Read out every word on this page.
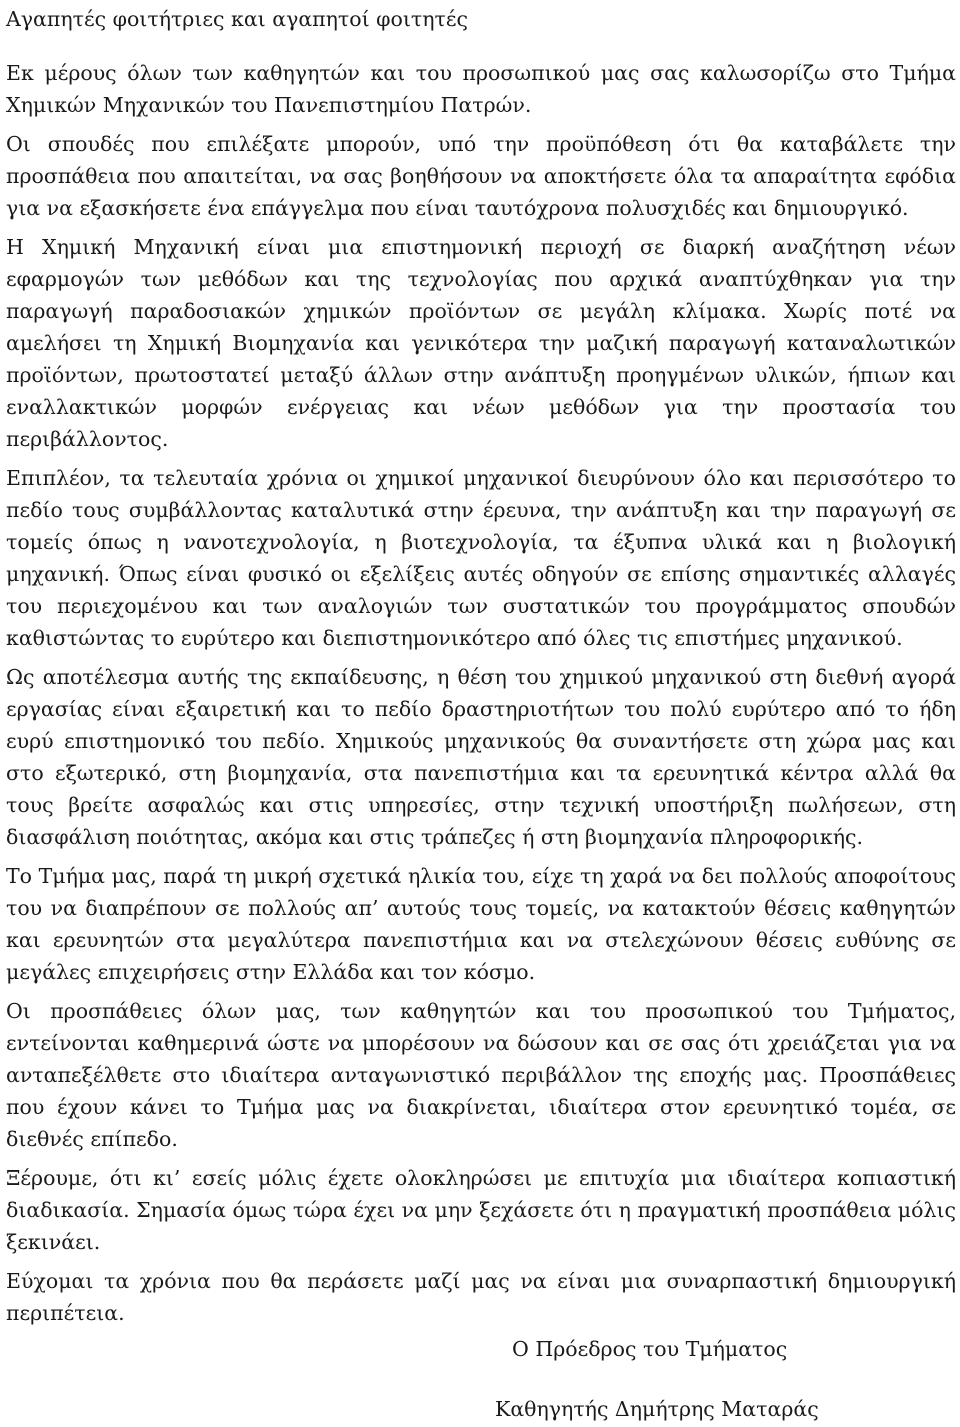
Αγαπητές φοιτήτριες και αγαπητοί φοιτητές

Εκ μέρους όλων των καθηγητών και του προσωπικού μας σας καλωσορίζω στο Τμήμα Χημικών Μηχανικών του Πανεπιστημίου Πατρών.

Οι σπουδές που επιλέξατε μπορούν, υπό την προϋπόθεση ότι θα καταβάλετε την προσπάθεια που απαιτείται, να σας βοηθήσουν να αποκτήσετε όλα τα απαραίτητα εφόδια για να εξασκήσετε ένα επάγγελμα που είναι ταυτόχρονα πολυσχιδές και δημιουργικό.

Η Χημική Μηχανική είναι μια επιστημονική περιοχή σε διαρκή αναζήτηση νέων εφαρμογών των μεθόδων και της τεχνολογίας που αρχικά αναπτύχθηκαν για την παραγωγή παραδοσιακών χημικών προϊόντων σε μεγάλη κλίμακα. Χωρίς ποτέ να αμελήσει τη Χημική Βιομηχανία και γενικότερα την μαζική παραγωγή καταναλωτικών προϊόντων, πρωτοστατεί μεταξύ άλλων στην ανάπτυξη προηγμένων υλικών, ήπιων και εναλλακτικών μορφών ενέργειας και νέων μεθόδων για την προστασία του περιβάλλοντος.

Επιπλέον, τα τελευταία χρόνια οι χημικοί μηχανικοί διευρύνουν όλο και περισσότερο το πεδίο τους συμβάλλοντας καταλυτικά στην έρευνα, την ανάπτυξη και την παραγωγή σε τομείς όπως η νανοτεχνολογία, η βιοτεχνολογία, τα έξυπνα υλικά και η βιολογική μηχανική. Όπως είναι φυσικό οι εξελίξεις αυτές οδηγούν σε επίσης σημαντικές αλλαγές του περιεχομένου και των αναλογιών των συστατικών του προγράμματος σπουδών καθιστώντας το ευρύτερο και διεπιστημονικότερο από όλες τις επιστήμες μηχανικού.

Ως αποτέλεσμα αυτής της εκπαίδευσης, η θέση του χημικού μηχανικού στη διεθνή αγορά εργασίας είναι εξαιρετική και το πεδίο δραστηριοτήτων του πολύ ευρύτερο από το ήδη ευρύ επιστημονικό του πεδίο. Χημικούς μηχανικούς θα συναντήσετε στη χώρα μας και στο εξωτερικό, στη βιομηχανία, στα πανεπιστήμια και τα ερευνητικά κέντρα αλλά θα τους βρείτε ασφαλώς και στις υπηρεσίες, στην τεχνική υποστήριξη πωλήσεων, στη διασφάλιση ποιότητας, ακόμα και στις τράπεζες ή στη βιομηχανία πληροφορικής.

Το Τμήμα μας, παρά τη μικρή σχετικά ηλικία του, είχε τη χαρά να δει πολλούς αποφοίτους του να διαπρέπουν σε πολλούς απ’ αυτούς τους τομείς, να κατακτούν θέσεις καθηγητών και ερευνητών στα μεγαλύτερα πανεπιστήμια και να στελεχώνουν θέσεις ευθύνης σε μεγάλες επιχειρήσεις στην Ελλάδα και τον κόσμο.

Οι προσπάθειες όλων μας, των καθηγητών και του προσωπικού του Τμήματος, εντείνονται καθημερινά ώστε να μπορέσουν να δώσουν και σε σας ότι χρειάζεται για να ανταπεξέλθετε στο ιδιαίτερα ανταγωνιστικό περιβάλλον της εποχής μας. Προσπάθειες που έχουν κάνει το Τμήμα μας να διακρίνεται, ιδιαίτερα στον ερευνητικό τομέα, σε διεθνές επίπεδο.

Ξέρουμε, ότι κι’ εσείς μόλις έχετε ολοκληρώσει με επιτυχία μια ιδιαίτερα κοπιαστική διαδικασία. Σημασία όμως τώρα έχει να μην ξεχάσετε ότι η πραγματική προσπάθεια μόλις ξεκινάει.

Εύχομαι τα χρόνια που θα περάσετε μαζί μας να είναι μια συναρπαστική δημιουργική περιπέτεια.

Ο Πρόεδρος του Τμήματος

Καθηγητής Δημήτρης Ματαράς
